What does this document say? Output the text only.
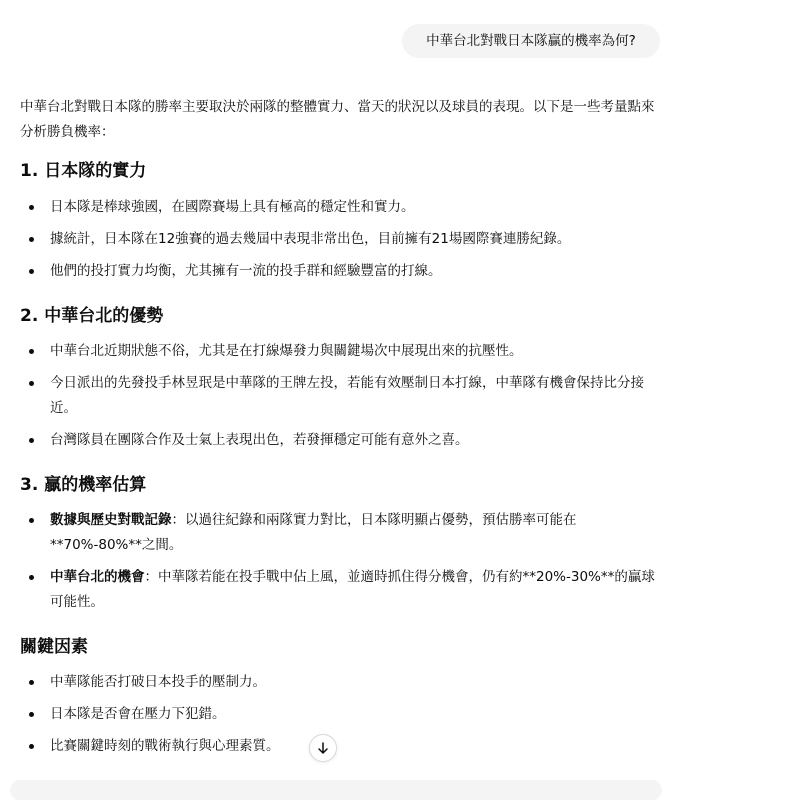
中華台北對戰日本隊贏的機率為何?

中華台北對戰日本隊的勝率主要取決於兩隊的整體實力、當天的狀況以及球員的表現。以下是一些考量點來分析勝負機率：

1. 日本隊的實力
日本隊是棒球強國，在國際賽場上具有極高的穩定性和實力。
據統計，日本隊在12強賽的過去幾屆中表現非常出色，目前擁有21場國際賽連勝紀錄。
他們的投打實力均衡，尤其擁有一流的投手群和經驗豐富的打線。
2. 中華台北的優勢
中華台北近期狀態不俗，尤其是在打線爆發力與關鍵場次中展現出來的抗壓性。
今日派出的先發投手林昱珉是中華隊的王牌左投，若能有效壓制日本打線，中華隊有機會保持比分接近。
台灣隊員在團隊合作及士氣上表現出色，若發揮穩定可能有意外之喜。
3. 贏的機率估算
數據與歷史對戰記錄：以過往紀錄和兩隊實力對比，日本隊明顯占優勢，預估勝率可能在**70%-80%**之間。
中華台北的機會：中華隊若能在投手戰中佔上風，並適時抓住得分機會，仍有約**20%-30%**的贏球可能性。
關鍵因素
中華隊能否打破日本投手的壓制力。
日本隊是否會在壓力下犯錯。
比賽關鍵時刻的戰術執行與心理素質。
